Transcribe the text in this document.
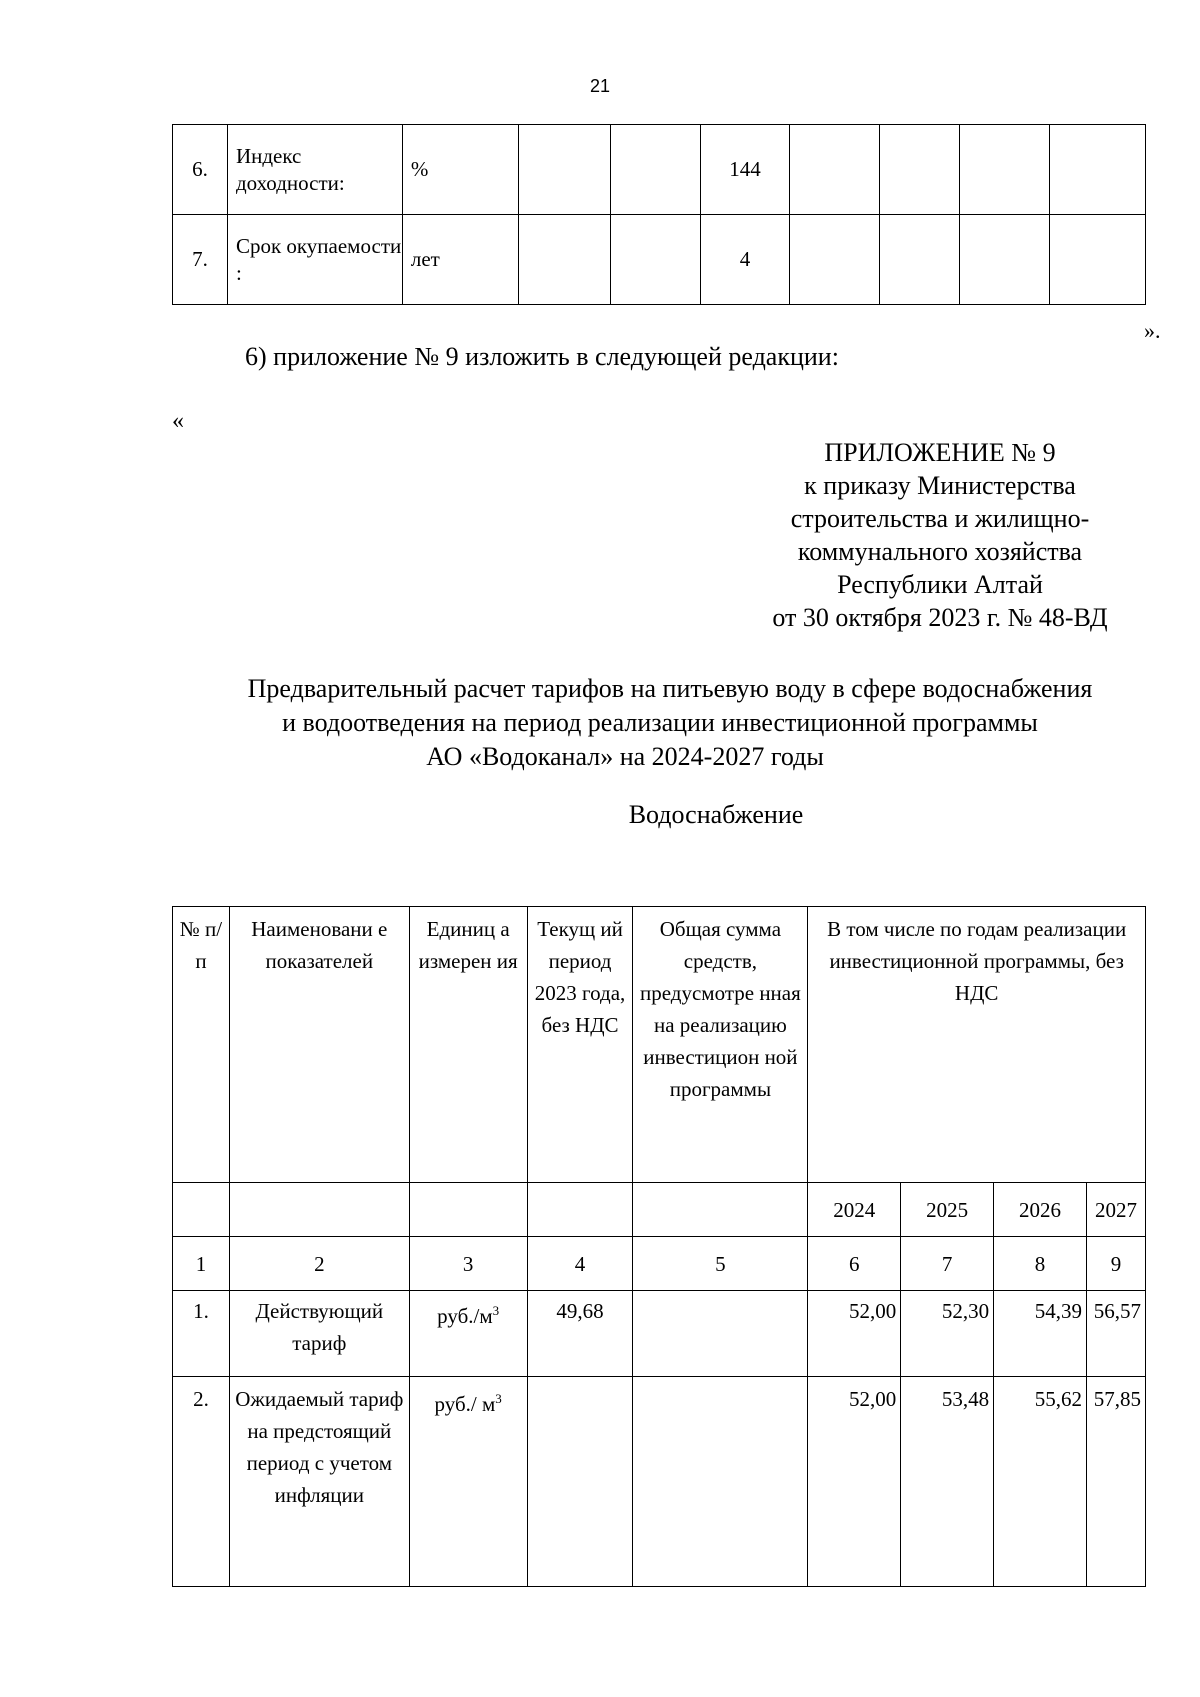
21
6.	Индекс доходности:	%			144				
7.	Срок окупаемости :	лет			4				
».
6) приложение № 9 изложить в следующей редакции:
«
ПРИЛОЖЕНИЕ № 9
к приказу Министерства
строительства и жилищно-
коммунального хозяйства
Республики Алтай
от 30 октября 2023 г. № 48-ВД
Предварительный расчет тарифов на питьевую воду в сфере водоснабжения
и водоотведения на период реализации инвестиционной программы
АО «Водоканал» на 2024-2027 годы
Водоснабжение
№ п/ п	Наименовани е показателей	Единиц а измерен ия	Текущ ий период 2023 года, без НДС	Общая сумма средств, предусмотре нная на реализацию инвестицион ной программы	В том числе по годам реализации инвестиционной программы, без НДС			
					2024	2025	2026	2027
1	2	3	4	5	6	7	8	9
1.	Действующий тариф	$руб./м^3$	49,68		52,00	52,30	54,39	56,57
2.	Ожидаемый тариф на предстоящий период с учетом инфляции	руб./ $м^3$			52,00	53,48	55,62	57,85
